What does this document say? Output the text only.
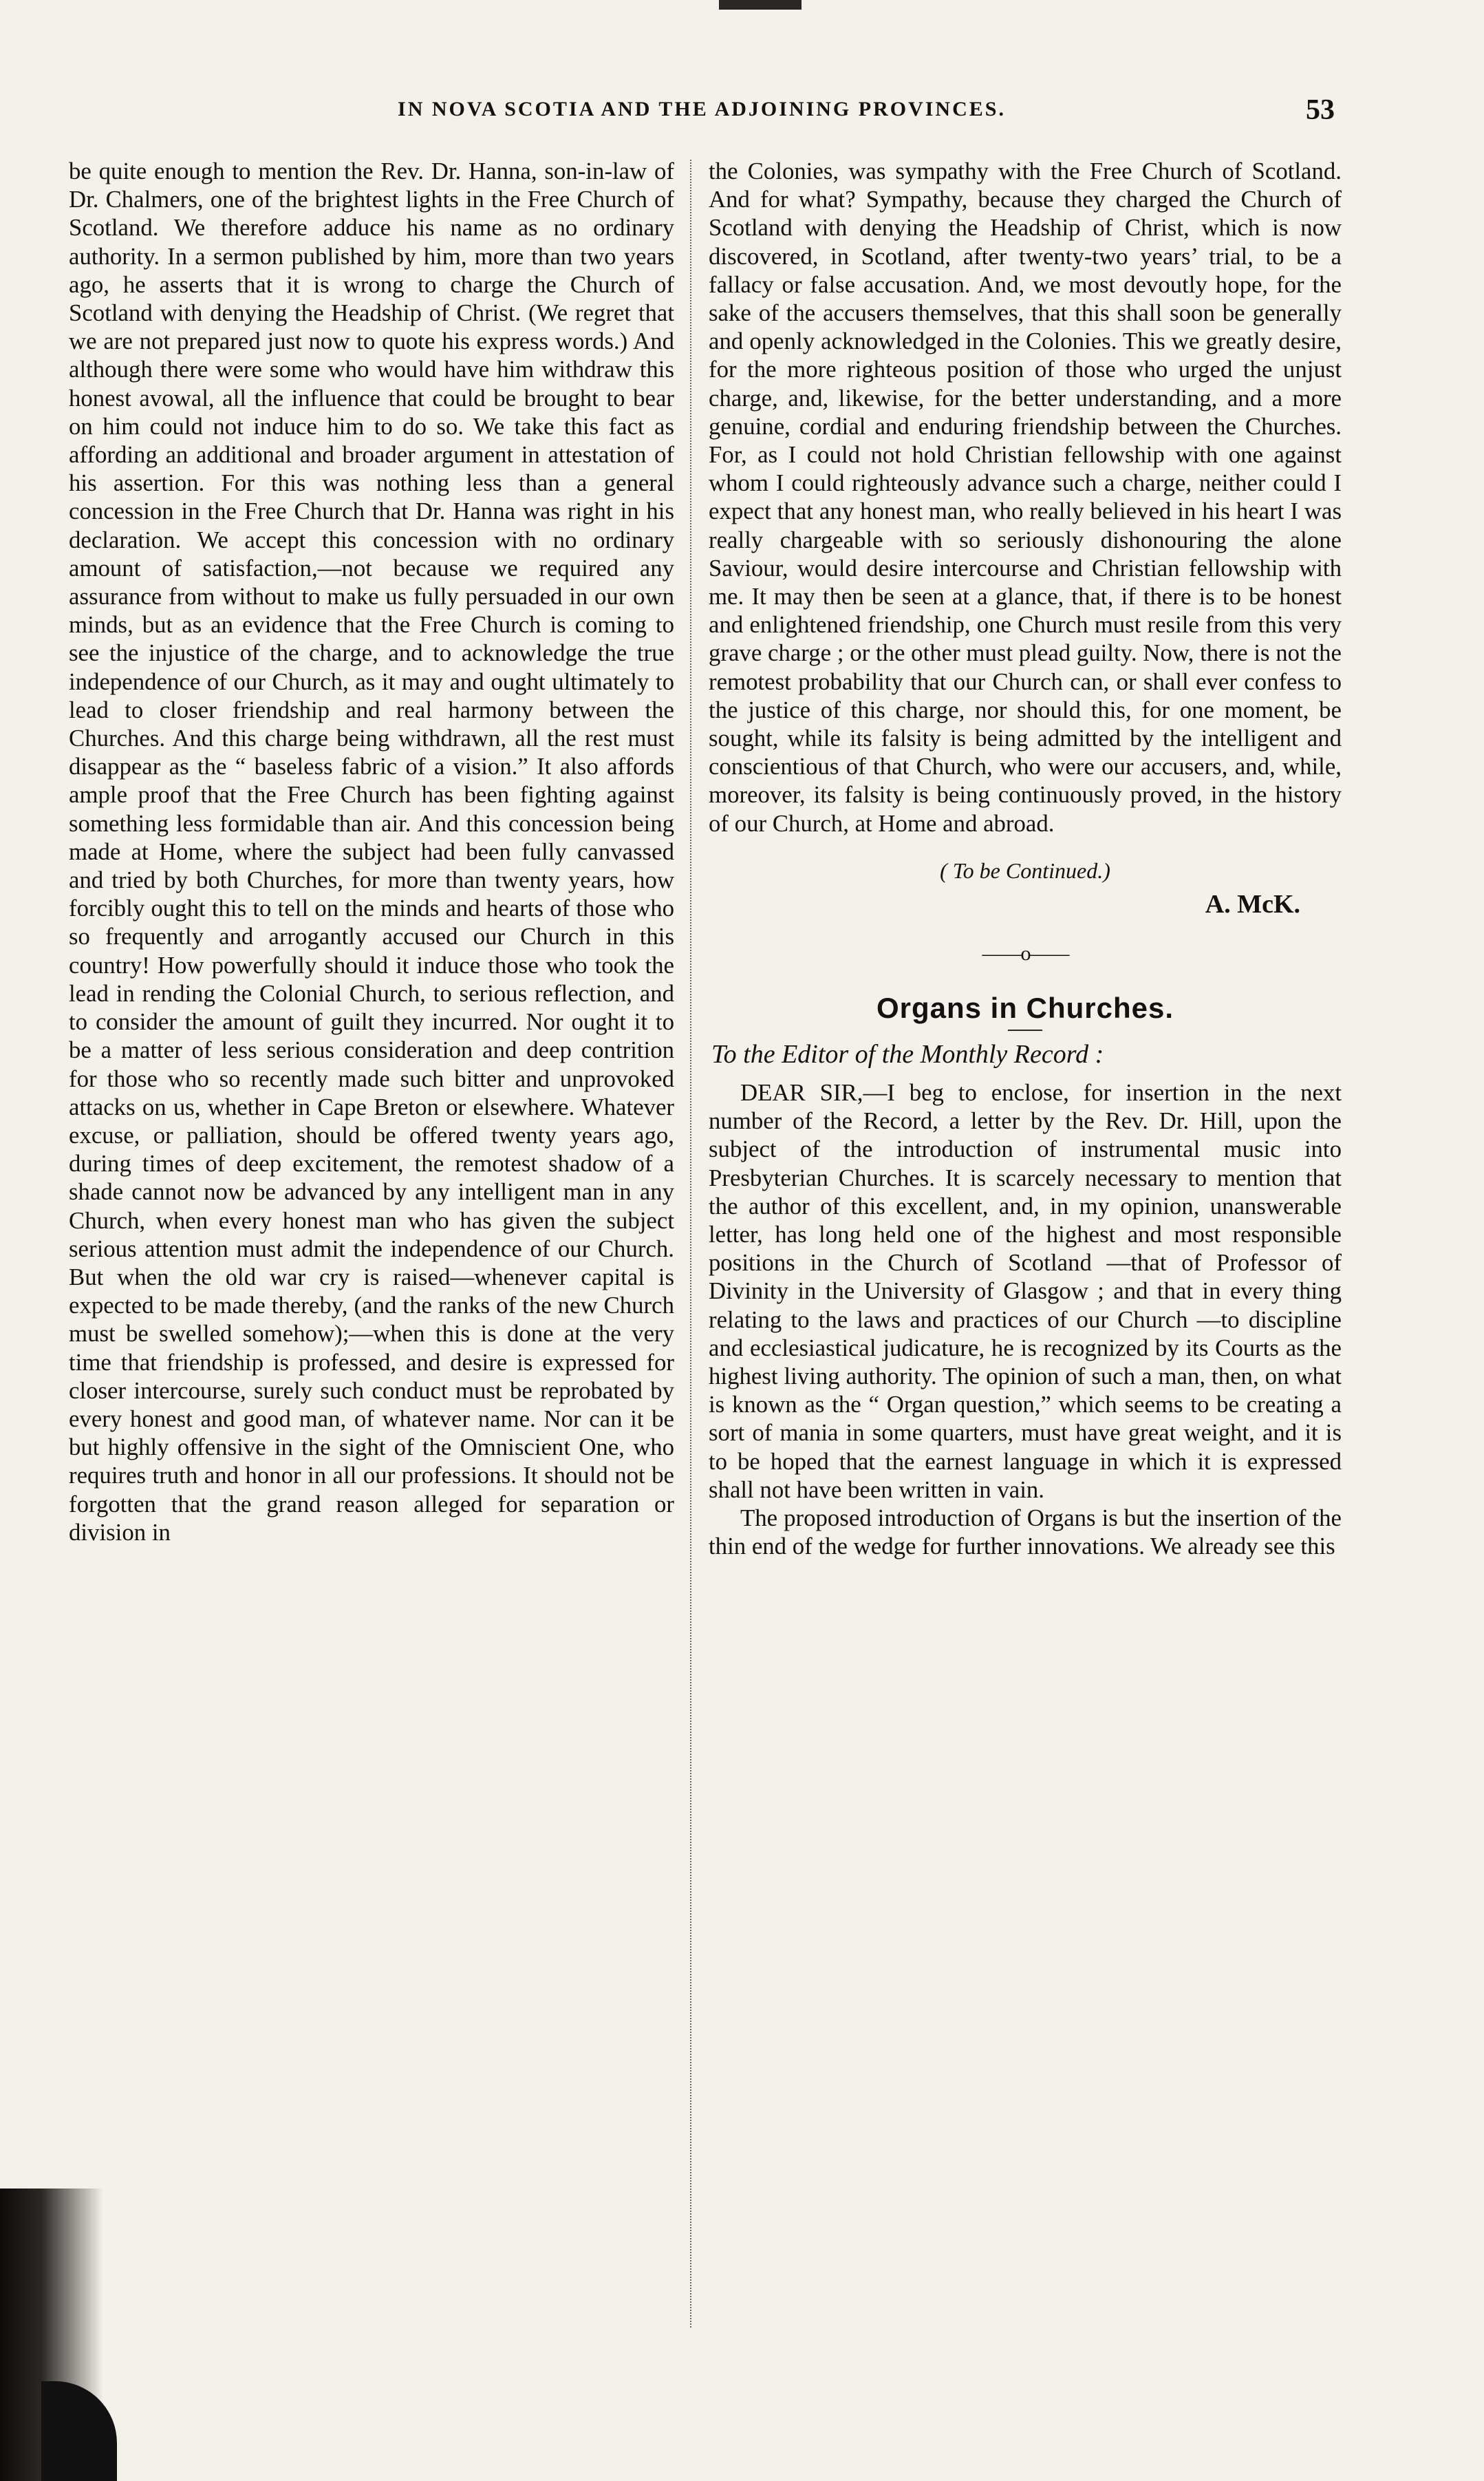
IN NOVA SCOTIA AND THE ADJOINING PROVINCES.	53

be quite enough to mention the Rev. Dr. Hanna, son-in-law of Dr. Chalmers, one of the brightest lights in the Free Church of Scotland. We therefore adduce his name as no ordinary authority. In a sermon published by him, more than two years ago, he asserts that it is wrong to charge the Church of Scotland with denying the Headship of Christ. (We regret that we are not prepared just now to quote his express words.) And although there were some who would have him withdraw this honest avowal, all the influence that could be brought to bear on him could not induce him to do so. We take this fact as affording an additional and broader argument in attestation of his assertion. For this was nothing less than a general concession in the Free Church that Dr. Hanna was right in his declaration. We accept this concession with no ordinary amount of satisfaction,—not because we required any assurance from without to make us fully persuaded in our own minds, but as an evidence that the Free Church is coming to see the injustice of the charge, and to acknowledge the true independence of our Church, as it may and ought ultimately to lead to closer friendship and real harmony between the Churches. And this charge being withdrawn, all the rest must disappear as the “ baseless fabric of a vision.” It also affords ample proof that the Free Church has been fighting against something less formidable than air. And this concession being made at Home, where the subject had been fully canvassed and tried by both Churches, for more than twenty years, how forcibly ought this to tell on the minds and hearts of those who so frequently and arrogantly accused our Church in this country! How powerfully should it induce those who took the lead in rending the Colonial Church, to serious reflection, and to consider the amount of guilt they incurred. Nor ought it to be a matter of less serious consideration and deep contrition for those who so recently made such bitter and unprovoked attacks on us, whether in Cape Breton or elsewhere. Whatever excuse, or palliation, should be offered twenty years ago, during times of deep excitement, the remotest shadow of a shade cannot now be advanced by any intelligent man in any Church, when every honest man who has given the subject serious attention must admit the independence of our Church. But when the old war cry is raised—whenever capital is expected to be made thereby, (and the ranks of the new Church must be swelled somehow);—when this is done at the very time that friendship is professed, and desire is expressed for closer intercourse, surely such conduct must be reprobated by every honest and good man, of whatever name. Nor can it be but highly offensive in the sight of the Omniscient One, who requires truth and honor in all our professions. It should not be forgotten that the grand reason alleged for separation or division in

the Colonies, was sympathy with the Free Church of Scotland. And for what? Sympathy, because they charged the Church of Scotland with denying the Headship of Christ, which is now discovered, in Scotland, after twenty-two years’ trial, to be a fallacy or false accusation. And, we most devoutly hope, for the sake of the accusers themselves, that this shall soon be generally and openly acknowledged in the Colonies. This we greatly desire, for the more righteous position of those who urged the unjust charge, and, likewise, for the better understanding, and a more genuine, cordial and enduring friendship between the Churches. For, as I could not hold Christian fellowship with one against whom I could righteously advance such a charge, neither could I expect that any honest man, who really believed in his heart I was really chargeable with so seriously dishonouring the alone Saviour, would desire intercourse and Christian fellowship with me. It may then be seen at a glance, that, if there is to be honest and enlightened friendship, one Church must resile from this very grave charge ; or the other must plead guilty. Now, there is not the remotest probability that our Church can, or shall ever confess to the justice of this charge, nor should this, for one moment, be sought, while its falsity is being admitted by the intelligent and conscientious of that Church, who were our accusers, and, while, moreover, its falsity is being continuously proved, in the history of our Church, at Home and abroad.

( To be Continued.)

A. McK.

——o——

Organs in Churches.

To the Editor of the Monthly Record :

DEAR SIR,—I beg to enclose, for insertion in the next number of the Record, a letter by the Rev. Dr. Hill, upon the subject of the introduction of instrumental music into Presbyterian Churches. It is scarcely necessary to mention that the author of this excellent, and, in my opinion, unanswerable letter, has long held one of the highest and most responsible positions in the Church of Scotland —that of Professor of Divinity in the University of Glasgow ; and that in every thing relating to the laws and practices of our Church —to discipline and ecclesiastical judicature, he is recognized by its Courts as the highest living authority. The opinion of such a man, then, on what is known as the “ Organ question,” which seems to be creating a sort of mania in some quarters, must have great weight, and it is to be hoped that the earnest language in which it is expressed shall not have been written in vain.

The proposed introduction of Organs is but the insertion of the thin end of the wedge for further innovations. We already see this
